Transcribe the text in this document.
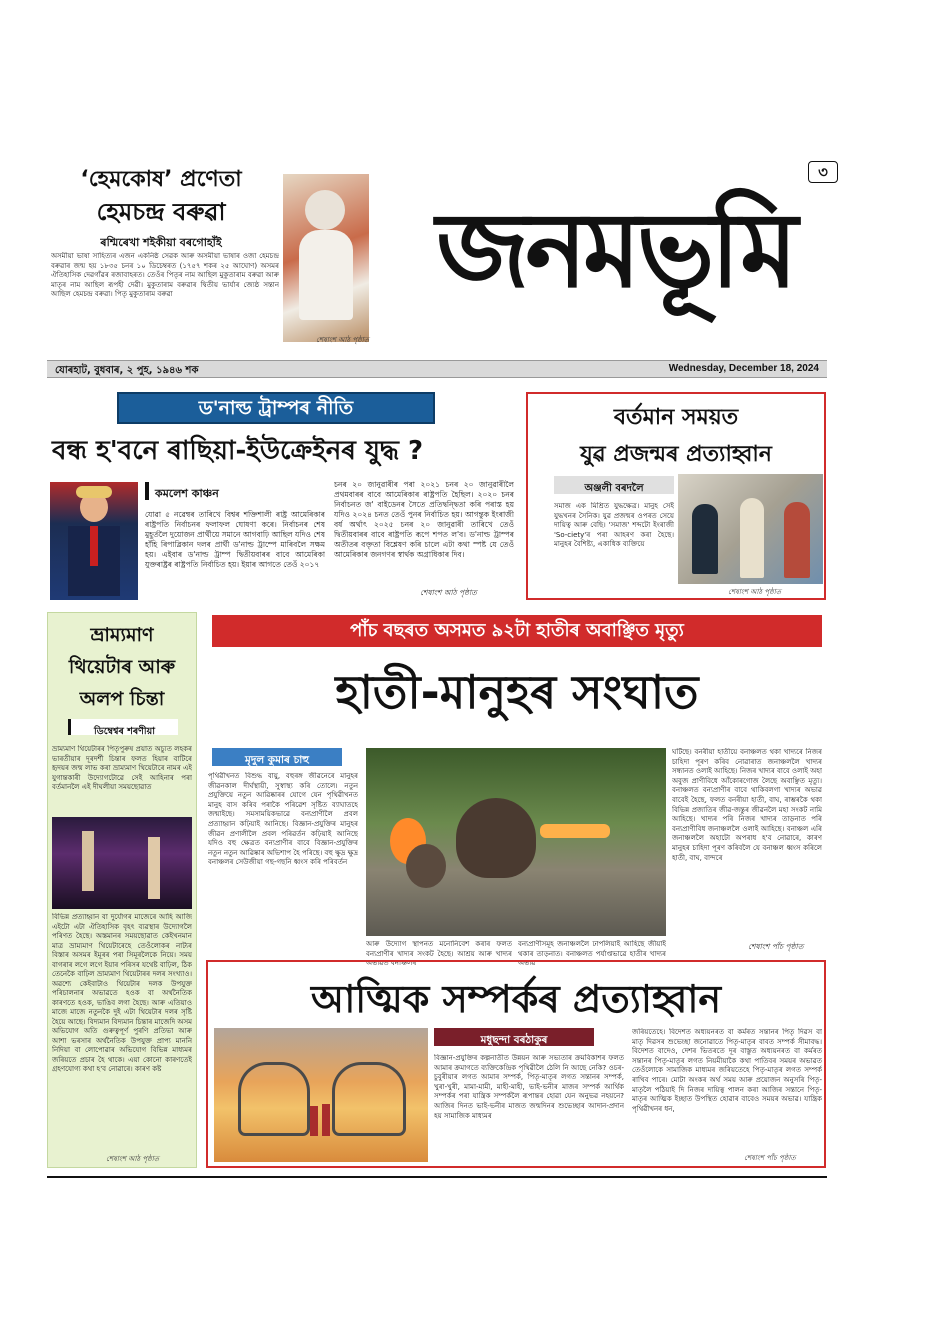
‘হেমকোষ’ প্ৰণেতা
হেমচন্দ্ৰ বৰুৱা
ৰশ্মিৰেখা শইকীয়া বৰগোহাঁই
অসমীয়া ভাষা সাহিত্যৰ এজন একনিষ্ঠ সেৱক আৰু অসমীয়া ভাষাৰ ওজা হেমচন্দ্ৰ বৰুৱাৰ জন্ম হয় ১৮৩৫ চনৰ ১০ ডিচেম্বৰত (১৭৫৭ শকৰ ২৫ আঘোণ) অসমৰ ঐতিহাসিক দেৱগাঁৱৰ ৰজাবাহৰত। তেওঁৰ পিতৃৰ নাম আছিল মুকুতাৰাম বৰুৱা আৰু মাতৃৰ নাম আছিল ৰূপহী দেৱী। মুকুতাৰাম বৰুৱাৰ দ্বিতীয় ভাৰ্যাৰ জ্যেষ্ঠ সন্তান আছিল হেমচন্দ্ৰ বৰুৱা। পিতৃ মুকুতাৰাম বৰুৱা
শেষাংশ আঠ পৃষ্ঠাত
৩
জনমভূমি
যোৰহাট, বুধবাৰ, ২ পুহ, ১৯৪৬ শক	Wednesday, December 18, 2024
ড'নাল্ড ট্ৰাম্পৰ নীতি
বন্ধ হ'বনে ৰাছিয়া-ইউক্ৰেইনৰ যুদ্ধ ?
কমলেশ কাঞ্চন
যোৱা ৫ নৱেম্বৰ তাৰিখে বিশ্বৰ শক্তিশালী ৰাষ্ট্ৰ আমেৰিকাৰ ৰাষ্ট্ৰপতি নিৰ্বাচনৰ ফলাফল ঘোষণা কৰে। নিৰ্বাচনৰ শেষ মুহূৰ্তলৈ দুয়োজন প্ৰাৰ্থীয়ে সমানে আগবাঢ়ি আছিল যদিও শেষ হাঁহি ৰিপাব্লিকান দলৰ প্ৰাৰ্থী ড'নাল্ড ট্ৰাম্পে মাৰিবলৈ সক্ষম হয়। এইবাৰ ড'নাল্ড ট্ৰাম্প দ্বিতীয়বাৰৰ বাবে আমেৰিকা যুক্তৰাষ্ট্ৰৰ ৰাষ্ট্ৰপতি নিৰ্বাচিত হয়। ইয়াৰ আগতে তেওঁ ২০১৭
চনৰ ২০ জানুৱাৰীৰ পৰা ২০২১ চনৰ ২০ জানুৱাৰীলৈ প্ৰথমবাৰৰ বাবে আমেৰিকাৰ ৰাষ্ট্ৰপতি হৈছিল। ২০২০ চনৰ নিৰ্বাচনত জ' বাইডেনৰ সৈতে প্ৰতিদ্বন্দ্বিতা কৰি পৰাস্ত হয় যদিও ২০২৪ চনত তেওঁ পুনৰ নিৰ্বাচিত হয়। আগন্তুক ইংৰাজী বৰ্ষ অৰ্থাৎ ২০২৫ চনৰ ২০ জানুৱাৰী তাৰিখে তেওঁ দ্বিতীয়বাৰৰ বাবে ৰাষ্ট্ৰপতি ৰূপে শপত ল'ব। ড'নাল্ড ট্ৰাম্পৰ অতীতৰ বক্তৃতা বিশ্লেষণ কৰি চালে এটা কথা স্পষ্ট যে তেওঁ আমেৰিকাৰ জনগণৰ স্বাৰ্থক অগ্ৰাধিকাৰ দিব।
শেষাংশ আঠ পৃষ্ঠাত
বৰ্তমান সময়ত
যুৱ প্ৰজন্মৰ প্ৰত্যাহ্বান
অঞ্জলী বৰদলৈ
সমাজ এক মিশ্ৰিত যুদ্ধক্ষেত্ৰ। মানুহ সেই যুদ্ধখনৰ সৈনিক। যুৱ প্ৰজন্মৰ ওপৰত সেয়ে দায়িত্ব আৰু বেছি। 'সমাজ' শব্দটো ইংৰাজী 'So-ciety'ৰ পৰা আহৰণ কৰা হৈছে। মানুহৰ বৈশিষ্ট্য, একাধিক ব্যক্তিয়ে
শেষাংশ আঠ পৃষ্ঠাত
ভ্ৰাম্যমাণ
থিয়েটাৰ আৰু
অলপ চিন্তা
ডিম্বেশ্বৰ শৰণীয়া
ভ্ৰাম্যমাণ থিয়েটাৰৰ পিতৃপুৰুষ প্ৰয়াত অচ্যুত লহকৰ ভাৰতীয়াৰ দূৰদৰ্শী চিন্তাৰ ফলত হিয়াৰ বাটিৰে হৃদয়ৰ জন্ম লাভ কৰা ভ্ৰাম্যমাণ থিয়েটাৰে নামৰ এই যুগান্তকাৰী উদ্যোগটোৱে সেই আহিনাৰ পৰা বৰ্তমানলৈ এই দীঘলীয়া সময়ছোৱাত
বিভিন্ন প্ৰত্যাহ্বান বা দুৰ্যোগৰ মাজেৰে আহি আজি এইটো এটা ঐতিহাসিক বৃহৎ ব্যৱস্থাৰ উদ্যোগলৈ পৰিণত হৈছে। অস্তমানৰ সময়ছোৱাত কেইখনমান মাত্ৰ ভ্ৰাম্যমাণ থিয়েটাৰেহে তেওঁলোকৰ নাট্যৰ বিস্তাৰ অসমৰ ইমূৰৰ পৰা সিমূৰলৈকে নিয়ে। সময় বাগৰাৰ লগে লগে ইয়াৰ পৰিসৰ যথেষ্ট বাঢ়িল, ঠিক তেনেকৈ বাঢ়িল ভ্ৰাম্যমাণ থিয়েটাৰৰ দলৰ সংখ্যাও। অৱশ্যে কেইবাটাও থিয়েটাৰ দলক উপযুক্ত পৰিচালনাৰ অভাৱতে হওক বা অৰ্থনৈতিক কাৰণতে হওক, ভাঙিব লগা হৈছে। আৰু এতিয়াও মাজে মাজে নতুনকৈ দুই এটা থিয়েটাৰ দলৰ সৃষ্টি হৈয়ে আছে। বিদ্যমান বিদ্যমান চিন্তাৰ মাজেদি অসম অভিযোগ অতি গুৰুত্বপূৰ্ণ পুৰণি প্ৰতিভা আৰু আশা ভৰসাৰ অৰ্থনৈতিক উপযুক্ত প্ৰাপ্য মাননি নিদিয়া বা লোপোৱাৰ অভিযোগ বিভিন্ন মাধ্যমৰ জৰিয়তে প্ৰচাৰ হৈ থাকে। এয়া কোনো কাৰণতেই গ্ৰহণযোগ্য কথা হ'ব নোৱাৰে। কাৰণ কষ্ট
শেষাংশ আঠ পৃষ্ঠাত
পাঁচ বছৰত অসমত ৯২টা হাতীৰ অবাঞ্ছিত মৃত্যু
হাতী-মানুহৰ সংঘাত
মৃদুল কুমাৰ চাহু
পৃথিৱীখনত বিশুদ্ধ বায়ু, বহুৰঙ্গ জীৱনেৰে মানুহৰ জীৱনকাল দীৰ্ঘস্থায়ী, সুস্বাস্থ্য কৰি তোলে। নতুন প্ৰযুক্তিয়ে নতুন আৱিষ্কাৰৰ যোগে যেন পৃথিৱীখনত মানুহ বাস কৰিব পৰাকৈ পৰিৱেশ সৃষ্টিত ব্যাঘাতহে জন্মাইছে। সমসাময়িকভাৱে বন্যপ্ৰাণীলৈ প্ৰবল প্ৰত্যাহ্বান কঢ়িয়াই আনিছে। বিজ্ঞান-প্ৰযুক্তিৰ মানুহৰ জীৱন প্ৰণালীলৈ প্ৰবল পৰিৱৰ্তন কঢ়িয়াই আনিছে যদিও বহু ক্ষেত্ৰত বন্যপ্ৰাণীৰ বাবে বিজ্ঞান-প্ৰযুক্তিৰ নতুন নতুন আৱিষ্কাৰ অভিশাপ হৈ পৰিছে। বহু ক্ষুদ্ৰ ক্ষুদ্ৰ বনাঞ্চলৰ সেউজীয়া গছ-গছনি ধ্বংস কৰি পৰিবৰ্তন
আৰু উদ্যোগ স্থাপনত মনোনিবেশ কৰাৰ ফলত বন্যপ্ৰাণীৰ খাদ্যৰ সংকট হৈছে। আশ্ৰয় আৰু খাদ্যৰ অভাৱত বনাঞ্চলৰ
বন্যপ্ৰাণীসমূহ জনাঞ্চললৈ ঢাপলিয়াই আহিছে জীয়াই থকাৰ তাড়নাত। বনাঞ্চলত পৰ্যাপ্তভাৱে হাতীৰ খাদ্যৰ অভাৱ
ঘটিছে। বনৰীয়া হাতীয়ে বনাঞ্চলত থকা খাদ্যৰে নিজৰ চাহিদা পূৰণ কৰিব নোৱাৰাত জনাঞ্চললৈ খাদ্যৰ সন্ধানত ওলাই আহিছে। নিজৰ খাদ্যৰ বাবে ওলাই অহা অবুজ প্ৰাণীবিধে আঁকোৰগোজ লৈছে অবাঞ্ছিত মৃত্যু। বনাঞ্চলত বন্যপ্ৰাণীৰ বাবে থাকিবলগা খাদ্যৰ অভাৱ বাবেই হৈছে, ফলত বনৰীয়া হাতী, বাঘ, ৰাম্ভৰকৈ থকা বিভিন্ন প্ৰজাতিৰ জীৱ-জন্তুৰ জীৱনলৈ মহা সংকট নামি আহিছে। খাদ্যৰ পৰি নিজৰ খাদ্যৰ তাড়নাত পৰি বন্যপ্ৰাণীবিধ জনাঞ্চললৈ ওলাই আহিছে। বনাঞ্চল এৰি জনাঞ্চললৈ অহাটো অপৰাধ হ'ব নোৱাৰে, কাৰণ মানুহৰ চাহিদা পূৰণ কৰিবলৈ যে বনাঞ্চল ধ্বংস কৰিলে হাতী, বাঘ, বান্দৰে
শেষাংশ পাঁচ পৃষ্ঠাত
আত্মিক সম্পৰ্কৰ প্ৰত্যাহ্বান
মধুছন্দা বৰঠাকুৰ
বিজ্ঞান-প্ৰযুক্তিৰ কল্পনাতীত উন্নয়ন আৰু সভ্যতাৰ ক্ৰমবিকাশৰ ফলত আমাৰ ক্ৰমাগতে ব্যক্তিকেন্দ্ৰিক পৃথিৱীলৈ ঠেলি নি আছে নেকি? ওচৰ-চুবুৰীয়াৰ লগত আমাৰ সম্পৰ্ক, পিতৃ-মাতৃৰ লগত সন্তানৰ সম্পৰ্ক, খুৰা-খুৰী, মামা-মামী, মাহী-মাহী, ভাই-ভনীৰ মাজৰ সম্পৰ্ক আৰ্থিক সম্পৰ্কৰ পৰা যান্ত্ৰিক সম্পৰ্কলৈ ৰূপান্তৰ হোৱা যেন অনুভৱ নহয়নে? আজিৰ দিনত ভাই-ভনীৰ মাজত জন্মদিনৰ শুভেচ্ছাৰ আদান-প্ৰদান হয় সামাজিক মাধ্যমৰ
জৰিয়তেহে। বিদেশত অধ্যয়নৰত বা কৰ্মৰত সন্তানৰ পিতৃ দিৱস বা মাতৃ দিৱসৰ শুভেচ্ছা জনোৱাতে পিতৃ-মাতৃৰ বাবত সম্পৰ্ক সীমাবদ্ধ। বিদেশত বাদেও, দেশৰ ভিতৰতে দূৰ বাস্তুত অধ্যয়নৰত বা কৰ্মৰত সন্তানৰ পিতৃ-মাতৃৰ লগত নিয়মীয়াকৈ কথা পাতিবৰ সময়ৰ অভাৱত তেওঁলোকে সামাজিক মাধ্যমৰ জৰিয়তেহে পিতৃ-মাতৃৰ লগত সম্পৰ্ক ৰাখিব পাৰে। মোটা অংকৰ অৰ্থ সময় আৰু প্ৰয়োজন অনুসৰি পিতৃ-মাতৃলৈ পঠিয়াই দি নিজৰ দায়িত্ব পালন কৰা আজিৰ সন্তানে পিতৃ-মাতৃৰ আত্মিক ইচ্ছাত উপস্থিত হোৱাৰ বাবেও সময়ৰ অভাৱ। যান্ত্ৰিক পৃথিৱীখনৰ ধন,
শেষাংশ পাঁচ পৃষ্ঠাত
